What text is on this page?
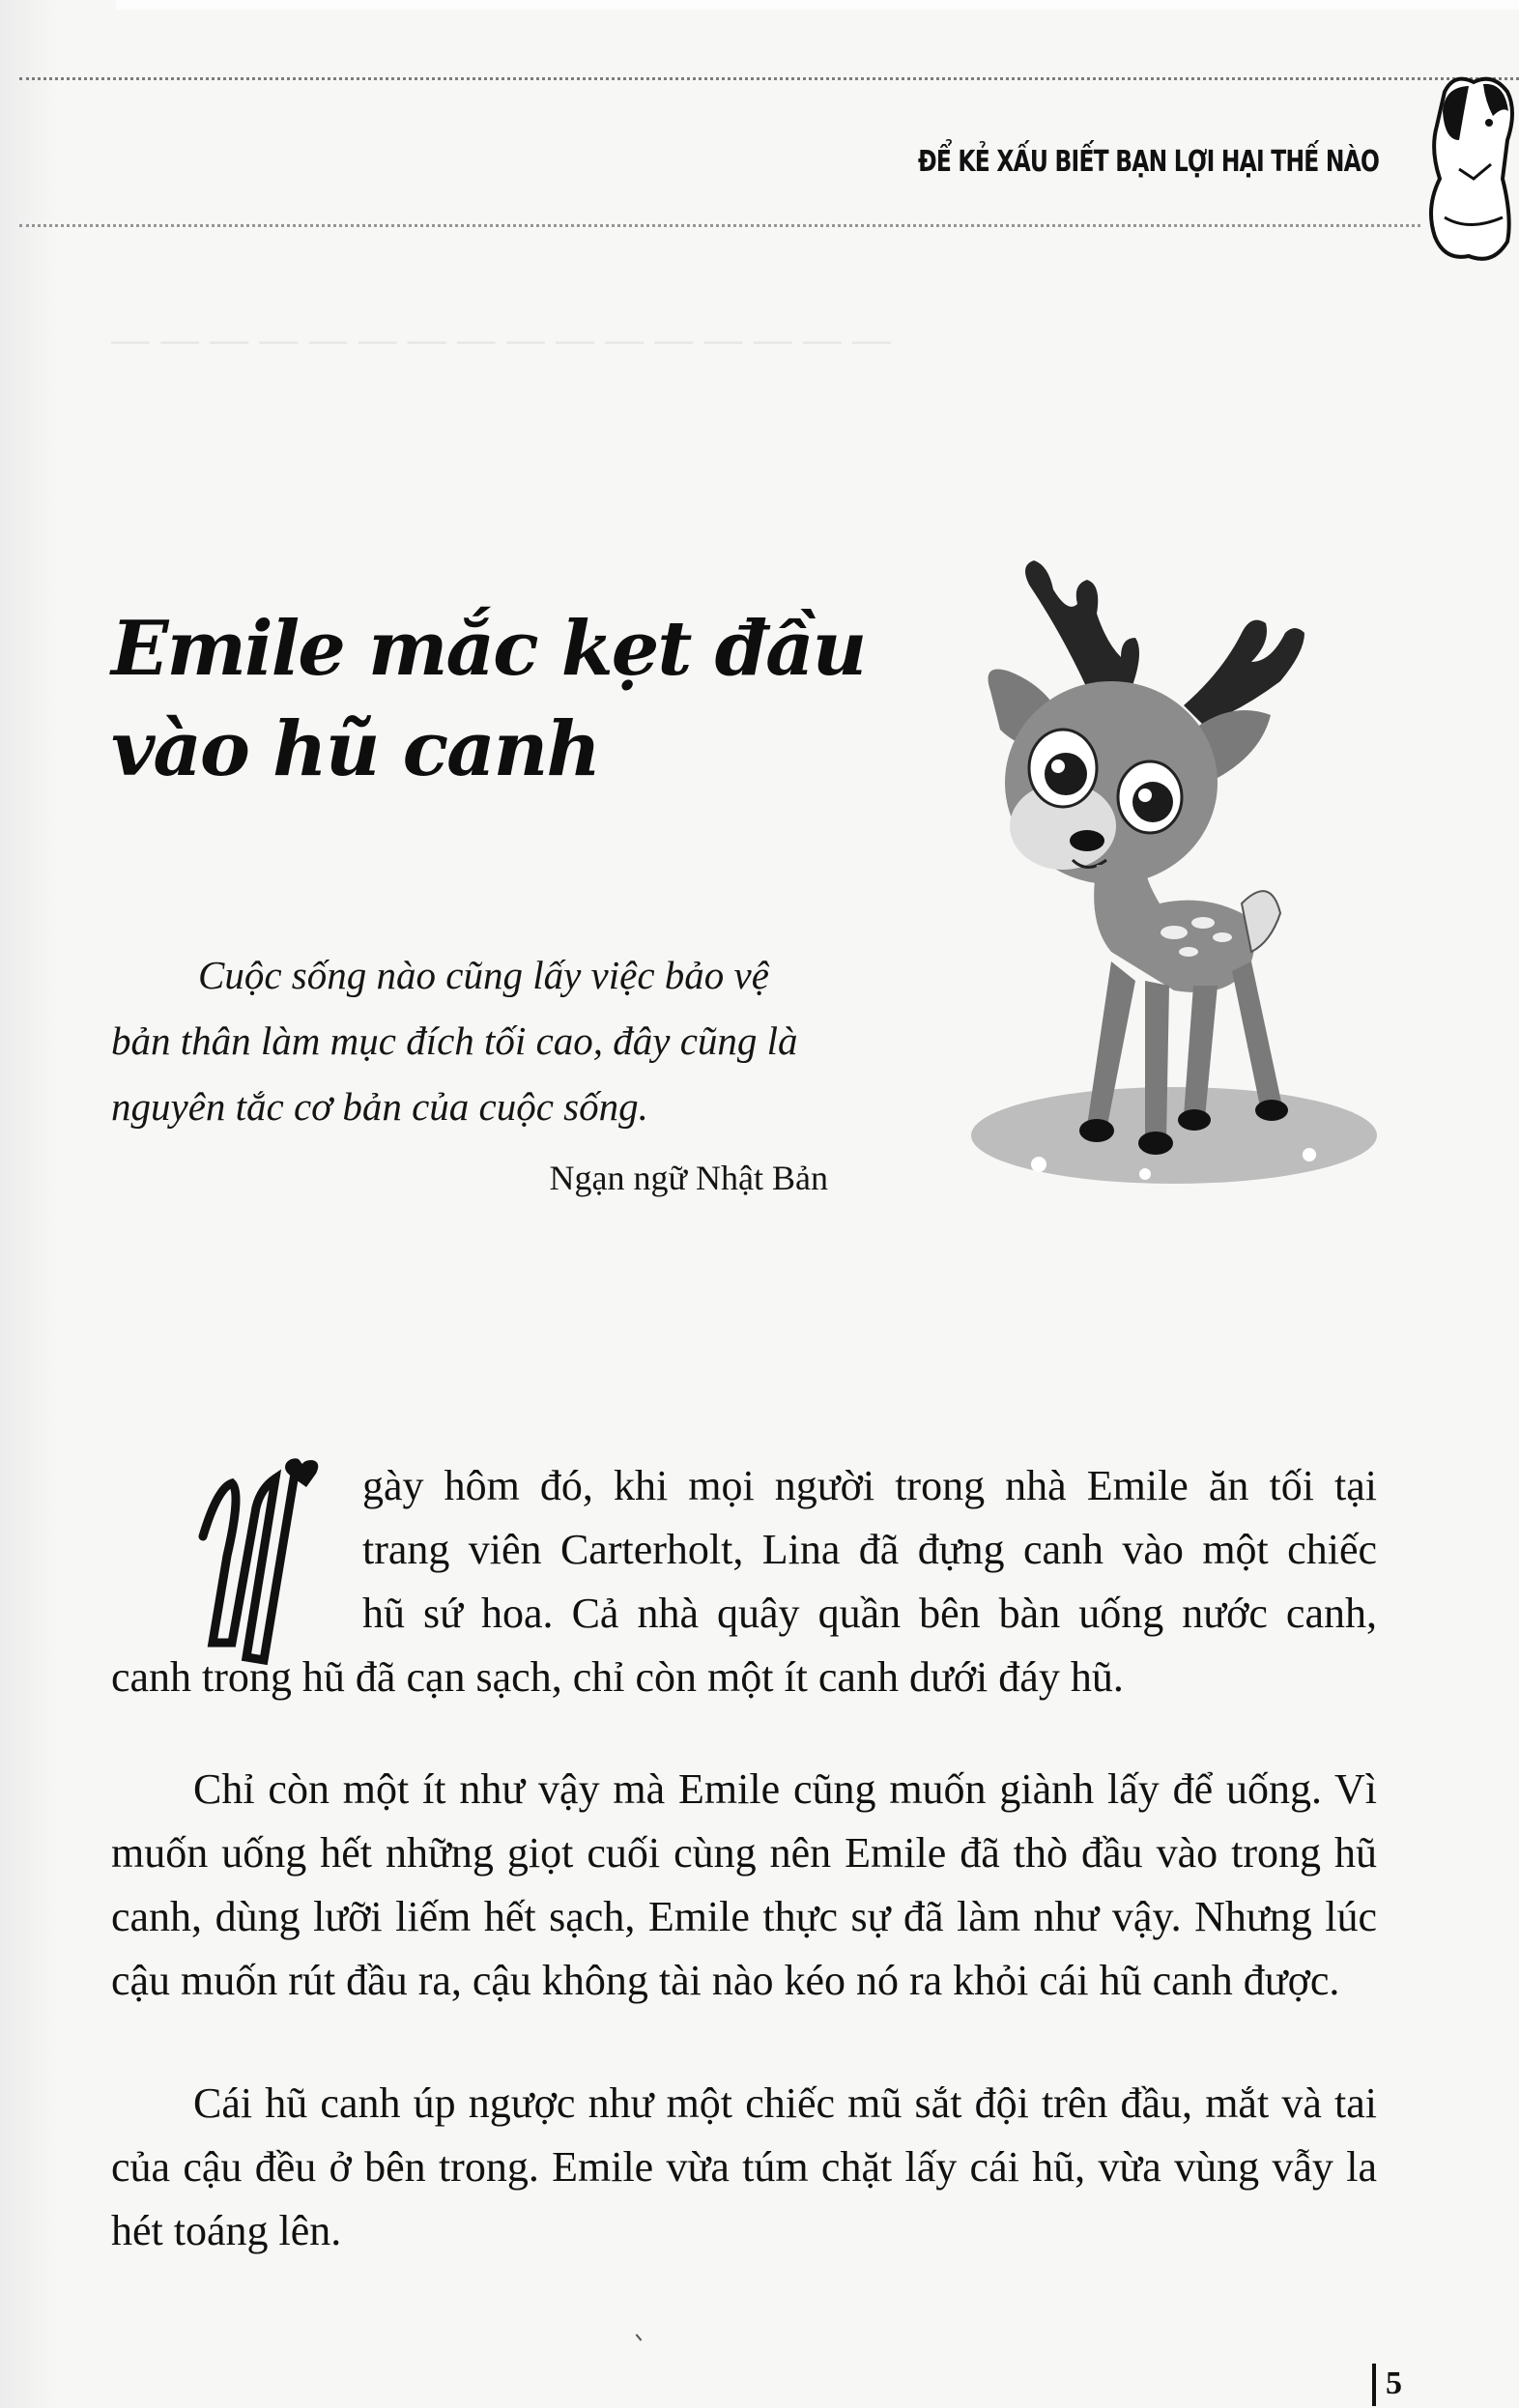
ĐỂ KẺ XẤU BIẾT BẠN LỢI HẠI THẾ NÀO
— — — — — — — — — — — — — — — —
Emile mắc kẹt đầu
vào hũ canh
Cuộc sống nào cũng lấy việc bảo vệ
bản thân làm mục đích tối cao, đây cũng là
nguyên tắc cơ bản của cuộc sống.
Ngạn ngữ Nhật Bản
gày hôm đó, khi mọi người trong nhà Emile ăn tối tại
trang viên Carterholt, Lina đã đựng canh vào một chiếc
hũ sứ hoa. Cả nhà quây quần bên bàn uống nước canh,
canh trong hũ đã cạn sạch, chỉ còn một ít canh dưới đáy hũ.

Chỉ còn một ít như vậy mà Emile cũng muốn giành lấy để uống. Vì muốn uống hết những giọt cuối cùng nên Emile đã thò đầu vào trong hũ canh, dùng lưỡi liếm hết sạch, Emile thực sự đã làm như vậy. Nhưng lúc cậu muốn rút đầu ra, cậu không tài nào kéo nó ra khỏi cái hũ canh được.

Cái hũ canh úp ngược như một chiếc mũ sắt đội trên đầu, mắt và tai của cậu đều ở bên trong. Emile vừa túm chặt lấy cái hũ, vừa vùng vẫy la hét toáng lên.

5
